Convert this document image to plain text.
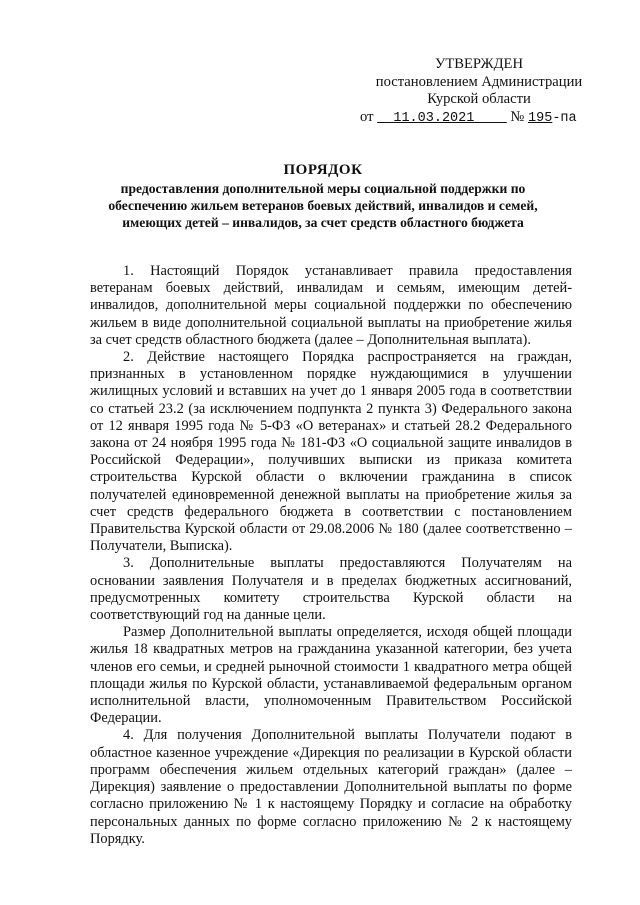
УТВЕРЖДЕН
постановлением Администрации
Курской области
от 11.03.2021 № 195-па
ПОРЯДОК
предоставления дополнительной меры социальной поддержки по
обеспечению жильем ветеранов боевых действий, инвалидов и семей,
имеющих детей – инвалидов, за счет средств областного бюджета

1. Настоящий Порядок устанавливает правила предоставления ветеранам боевых действий, инвалидам и семьям, имеющим детей-инвалидов, дополнительной меры социальной поддержки по обеспечению жильем в виде дополнительной социальной выплаты на приобретение жилья за счет средств областного бюджета (далее – Дополнительная выплата).

2. Действие настоящего Порядка распространяется на граждан, признанных в установленном порядке нуждающимися в улучшении жилищных условий и вставших на учет до 1 января 2005 года в соответствии со статьей 23.2 (за исключением подпункта 2 пункта 3) Федерального закона от 12 января 1995 года № 5-ФЗ «О ветеранах» и статьей 28.2 Федерального закона от 24 ноября 1995 года № 181-ФЗ «О социальной защите инвалидов в Российской Федерации», получивших выписки из приказа комитета строительства Курской области о включении гражданина в список получателей единовременной денежной выплаты на приобретение жилья за счет средств федерального бюджета в соответствии с постановлением Правительства Курской области от 29.08.2006 № 180 (далее соответственно – Получатели, Выписка).

3. Дополнительные выплаты предоставляются Получателям на основании заявления Получателя и в пределах бюджетных ассигнований, предусмотренных комитету строительства Курской области на соответствующий год на данные цели.

Размер Дополнительной выплаты определяется, исходя общей площади жилья 18 квадратных метров на гражданина указанной категории, без учета членов его семьи, и средней рыночной стоимости 1 квадратного метра общей площади жилья по Курской области, устанавливаемой федеральным органом исполнительной власти, уполномоченным Правительством Российской Федерации.

4. Для получения Дополнительной выплаты Получатели подают в областное казенное учреждение «Дирекция по реализации в Курской области программ обеспечения жильем отдельных категорий граждан» (далее – Дирекция) заявление о предоставлении Дополнительной выплаты по форме согласно приложению № 1 к настоящему Порядку и согласие на обработку персональных данных по форме согласно приложению № 2 к настоящему Порядку.
